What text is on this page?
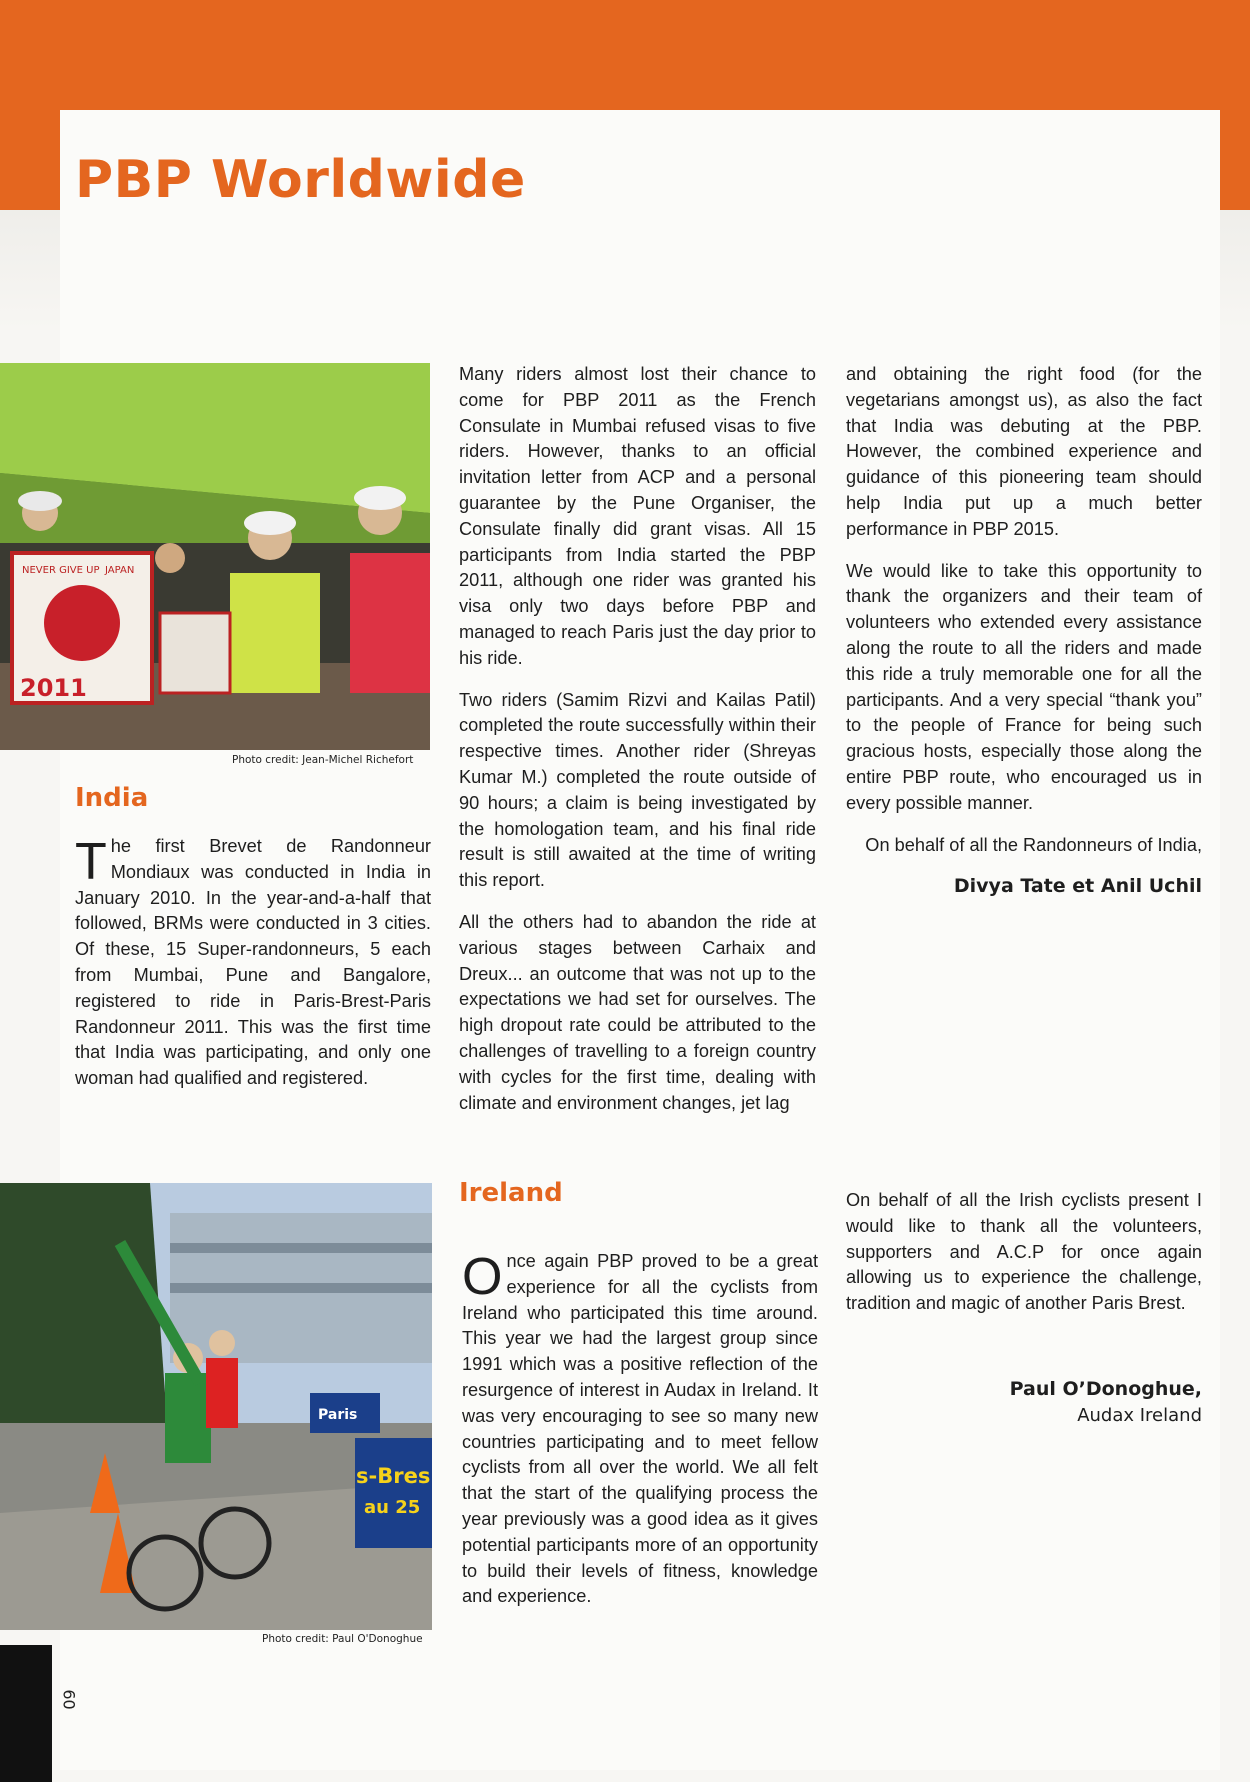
PBP Worldwide
NEVER GIVE UP JAPAN
2011
Photo credit: Jean-Michel Richefort
India

The first Brevet de Randonneur Mondiaux was conducted in India in January 2010. In the year-and-a-half that followed, BRMs were conducted in 3 cities. Of these, 15 Super-randonneurs, 5 each from Mumbai, Pune and Bangalore, registered to ride in Paris-Brest-Paris Randonneur 2011. This was the first time that India was participating, and only one woman had qualified and registered.

Many riders almost lost their chance to come for PBP 2011 as the French Consulate in Mumbai refused visas to five riders. However, thanks to an official invitation letter from ACP and a personal guarantee by the Pune Organiser, the Consulate finally did grant visas. All 15 participants from India started the PBP 2011, although one rider was granted his visa only two days before PBP and managed to reach Paris just the day prior to his ride.

Two riders (Samim Rizvi and Kailas Patil) completed the route successfully within their respective times. Another rider (Shreyas Kumar M.) completed the route outside of 90 hours; a claim is being investigated by the homologation team, and his final ride result is still awaited at the time of writing this report.

All the others had to abandon the ride at various stages between Carhaix and Dreux... an outcome that was not up to the expectations we had set for ourselves. The high dropout rate could be attributed to the challenges of travelling to a foreign country with cycles for the first time, dealing with climate and environment changes, jet lag

and obtaining the right food (for the vegetarians amongst us), as also the fact that India was debuting at the PBP. However, the combined experience and guidance of this pioneering team should help India put up a much better performance in PBP 2015.

We would like to take this opportunity to thank the organizers and their team of volunteers who extended every assistance along the route to all the riders and made this ride a truly memorable one for all the participants. And a very special “thank you” to the people of France for being such gracious hosts, especially those along the entire PBP route, who encouraged us in every possible manner.

On behalf of all the Randonneurs of India,

Divya Tate et Anil Uchil
Paris
s-Bres
au 25
Photo credit: Paul O'Donoghue
Ireland

Once again PBP proved to be a great experience for all the cyclists from Ireland who participated this time around. This year we had the largest group since 1991 which was a positive reflection of the resurgence of interest in Audax in Ireland. It was very encouraging to see so many new countries participating and to meet fellow cyclists from all over the world. We all felt that the start of the qualifying process the year previously was a good idea as it gives potential participants more of an opportunity to build their levels of fitness, knowledge and experience.

On behalf of all the Irish cyclists present I would like to thank all the volunteers, supporters and A.C.P for once again allowing us to experience the challenge, tradition and magic of another Paris Brest.

Paul O’Donoghue,
Audax Ireland
60
